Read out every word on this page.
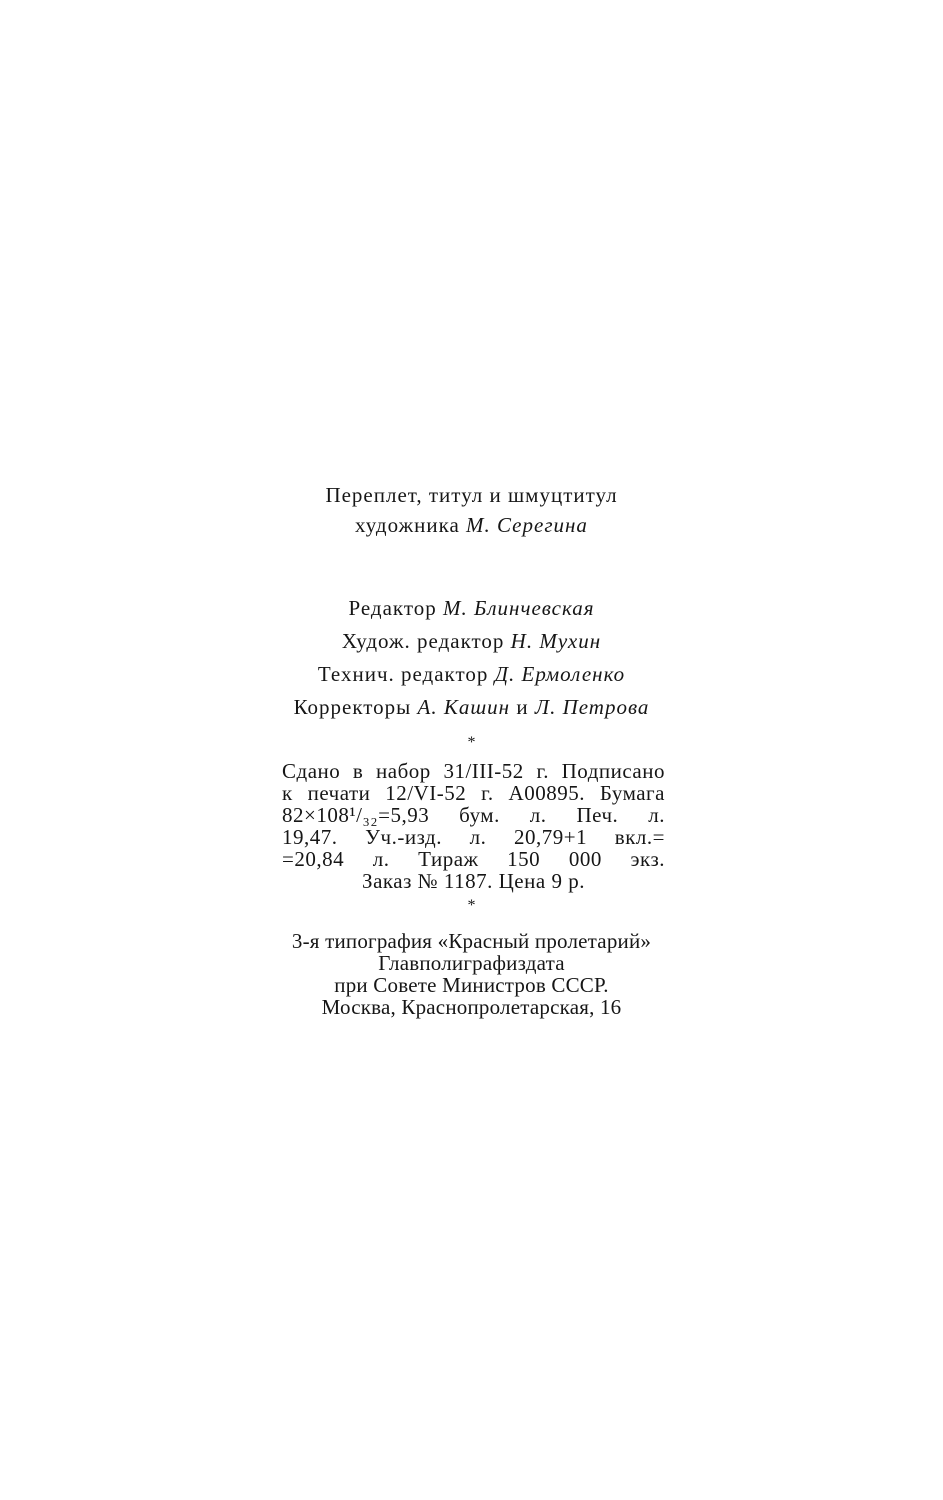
Переплет, титул и шмуцтитул
художника М. Серегина
Редактор М. Блинчевская
Худож. редактор Н. Мухин
Технич. редактор Д. Ермоленко
Корректоры А. Кашин и Л. Петрова
*
Сдано в набор 31/III-52 г. Подписано
к печати 12/VI-52 г. А00895. Бумага
82×108¹/₃₂=5,93 бум. л. Печ. л.
19,47. Уч.-изд. л. 20,79+1 вкл.=
=20,84 л. Тираж 150 000 экз.
Заказ № 1187. Цена 9 р.
*
3-я типография «Красный пролетарий»
Главполиграфиздата
при Совете Министров СССР.
Москва, Краснопролетарская, 16
